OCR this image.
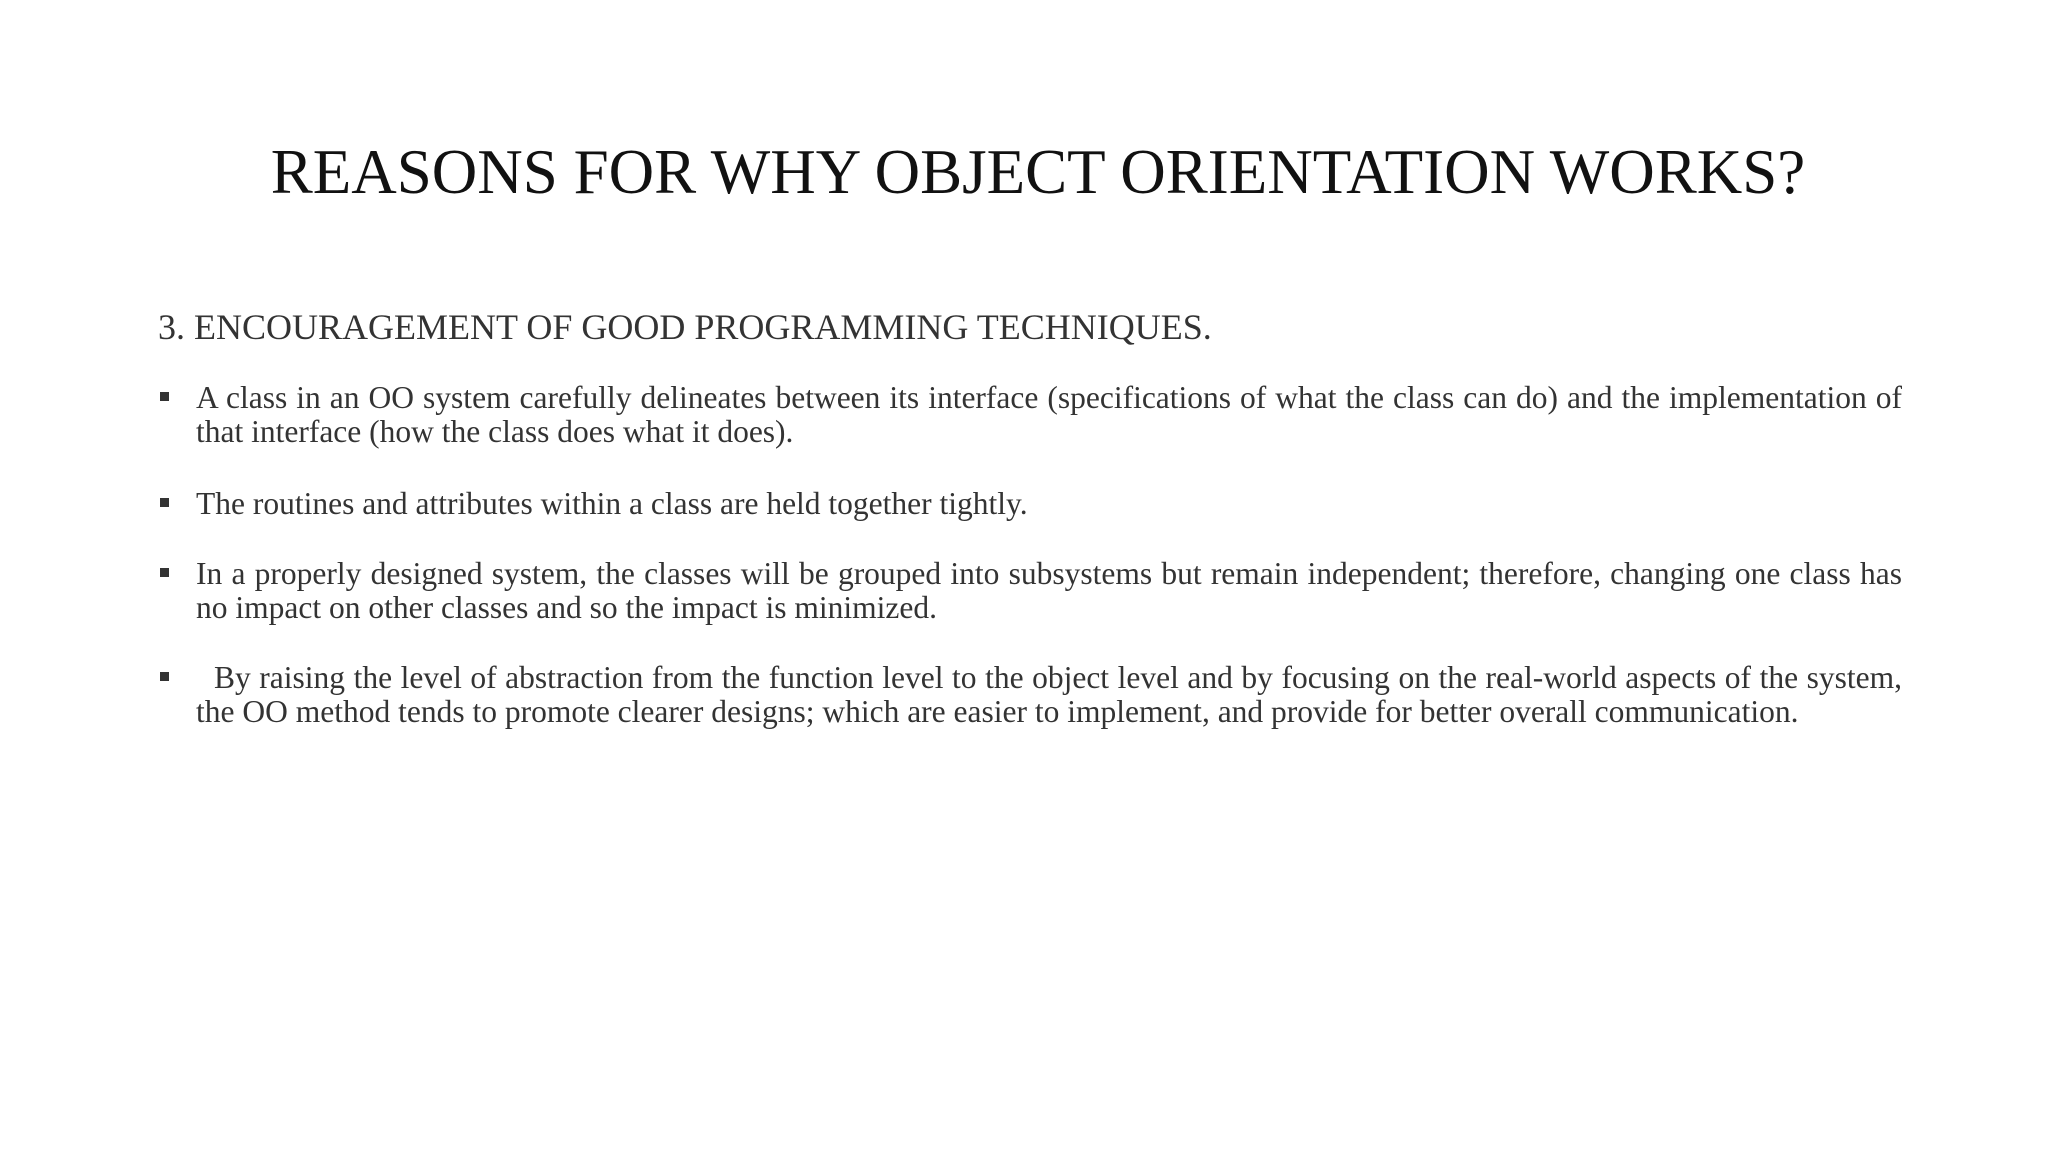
REASONS FOR WHY OBJECT ORIENTATION WORKS?

3. ENCOURAGEMENT OF GOOD PROGRAMMING TECHNIQUES.

A class in an OO system carefully delineates between its interface (specifications of what the class can do) and the implementation of that interface (how the class does what it does).
The routines and attributes within a class are held together tightly.
In a properly designed system, the classes will be grouped into subsystems but remain independent; therefore, changing one class has no impact on other classes and so the impact is minimized.
By raising the level of abstraction from the function level to the object level and by focusing on the real-world aspects of the system, the OO method tends to promote clearer designs; which are easier to implement, and provide for better overall communication.
